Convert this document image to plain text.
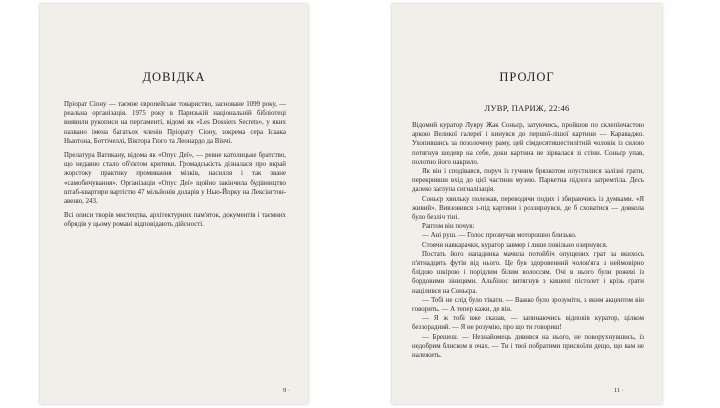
ДОВІДКА

Пріорат Сіону — таємне європейське товариство, засноване 1099 року, — реальна організація. 1975 року в Паризькій національній бібліотеці виявили рукописи на пергаменті, відомі як «Les Dossiers Secrets», у яких названо імена багатьох членів Пріорату Сіону, зокрема сера Ісаака Ньютона, Боттічеллі, Віктора Гюго та Леонардо да Вінчі.

Прелатура Ватикану, відома як «Опус Деї», — ревне католицьке братство, що недавно стало об'єктом критики. Громадськість дізналася про вкрай жорстоку практику промивання мізків, насилля і так зване «самобичування». Організація «Опус Деї» щойно закінчила будівництво штаб-квартири вартістю 47 мільйонів доларів у Нью-Йорку на Лексінгтон-авеню, 243.

Всі описи творів мистецтва, архітектурних пам'яток, документів і таємних обрядів у цьому романі відповідають дійсності.

9 ·
ПРОЛОГ
ЛУВР, ПАРИЖ, 22:46

Відомий куратор Лувру Жак Соньєр, затуючись, пройшов по склепінчастою аркою Великої галереї і кинувся до першої-лішої картини — Караваджо. Ухопившись за позолочену раму, цей сімдесятишестилітній чоловік із силою потягнув шедевр на себе, доки картина не зірвалася зі стіни. Соньєр упав, полотно його накрило.

Як він і сподівався, поруч із гучним брязкотом опустилися залізні грати, перекривши вхід до цієї частини музею. Паркетна підлога затремтіла. Десь далеко заглупа сигналізація.

Соньєр хвильку полежав, переводячи подих і збираючись із думками. «Я живий». Вивзовився з-під картини і роззирнувся, де б сховатися — довкола було безліч тіні.

Раптом він почув:

— Ані руш. — Голос прозвучав моторошно близько.

Стоячи навкарачки, куратор завмер і лише повільно озирнувся.

Постать його нападника мачила потойбіч опущених грат за якихось п'ятнадцять футів від нього. Це був здоровенний чолов'яга з неймовірно блідою шкірою і порідлим білим волоссям. Очі в нього були рожеві із бордовими зіницями. Альбінос витягнув з кишені пістолет і крізь грати націлився на Соньєра.

— Тобі не слід було тікати. — Важко було зрозуміти, з яким акцентом він говорить. — А тепер кажи, де він.

— Я ж тобі вже сказав, — запинаючись відповів куратор, цілком беззорадний. — Я не розумію, про що ти говориш!

— Брешеш. — Незнайомець дивився на нього, не поворухнувшись, із недобрим блиском в очах. — Ти і твої побратими присвоїли дещо, що вам не належить.

11 ·
